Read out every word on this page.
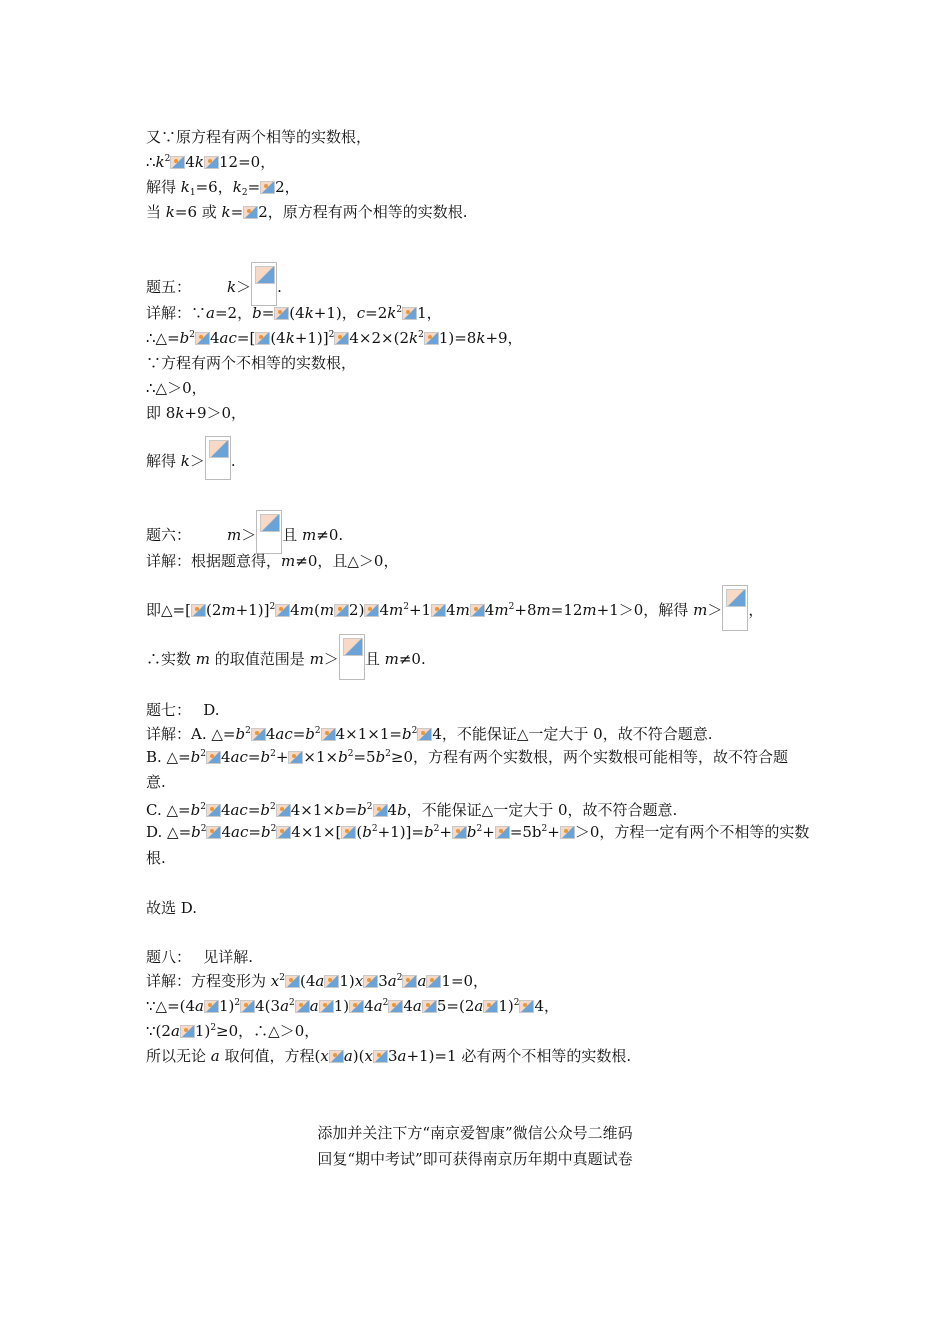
又∵原方程有两个相等的实数根，
$\therefore k^2$ 4k 12=0，
解得 $k_1=6$，$k_2= 2$，
当 k=6 或 k= 2，原方程有两个相等的实数根.
题五： k＞ .
详解：∵a=2，b= (4k+1)，$c=2k^2$ 1，
$\therefore\triangle=b^2$ 4ac=[ (4k+1)]$^2$ $4\times 2\times(2k^2$ 1)=8k+9，
∵方程有两个不相等的实数根，
∴△＞0，
即 8k+9＞0，
解得 k＞ .
题六： m＞ 且 m≠0.
详解：根据题意得，m≠0，且△＞0，
即△=[ (2m+1)]$^2$ 4m(m 2) $4m^2+1$ 4m $4m^2+8m=12m+1>0$，解得 m＞ ，
∴实数 m 的取值范围是 m＞ 且 m≠0.
题七：　 D.
详解：A. $\triangle=b^2$ $4ac=b^2$ $4\times 1\times 1=b^2$ 4，不能保证△一定大于 0，故不符合题意.
B. $\triangle=b^2$ $4ac=b^2+ \times 1\times b^2=5b^2\ge 0$，方程有两个实数根，两个实数根可能相等，故不符合题
意.
C. $\triangle=b^2$ $4ac=b^2$ $4\times 1\times b=b^2$ 4b，不能保证△一定大于 0，故不符合题意.
D. $\triangle=b^2$ $4ac=b^2$ 4×1×[ $(b^2+1)]=b^2+ b^2+ =5b^2+ >0$，方程一定有两个不相等的实数
根.
故选 D.
题八：　 见详解.
详解：方程变形为 $x^2$ (4a 1)x $3a^2$ a 1=0，
∵△=(4a 1)$^2$ $4(3a^2$ a 1) $4a^2$ 4a 5=(2a 1)$^2$ 4，
∵(2a 1)$^2$≥0，∴△＞0，
所以无论 a 取何值，方程(x a)(x 3a+1)=1 必有两个不相等的实数根.
添加并关注下方“南京爱智康”微信公众号二维码
回复“期中考试”即可获得南京历年期中真题试卷
